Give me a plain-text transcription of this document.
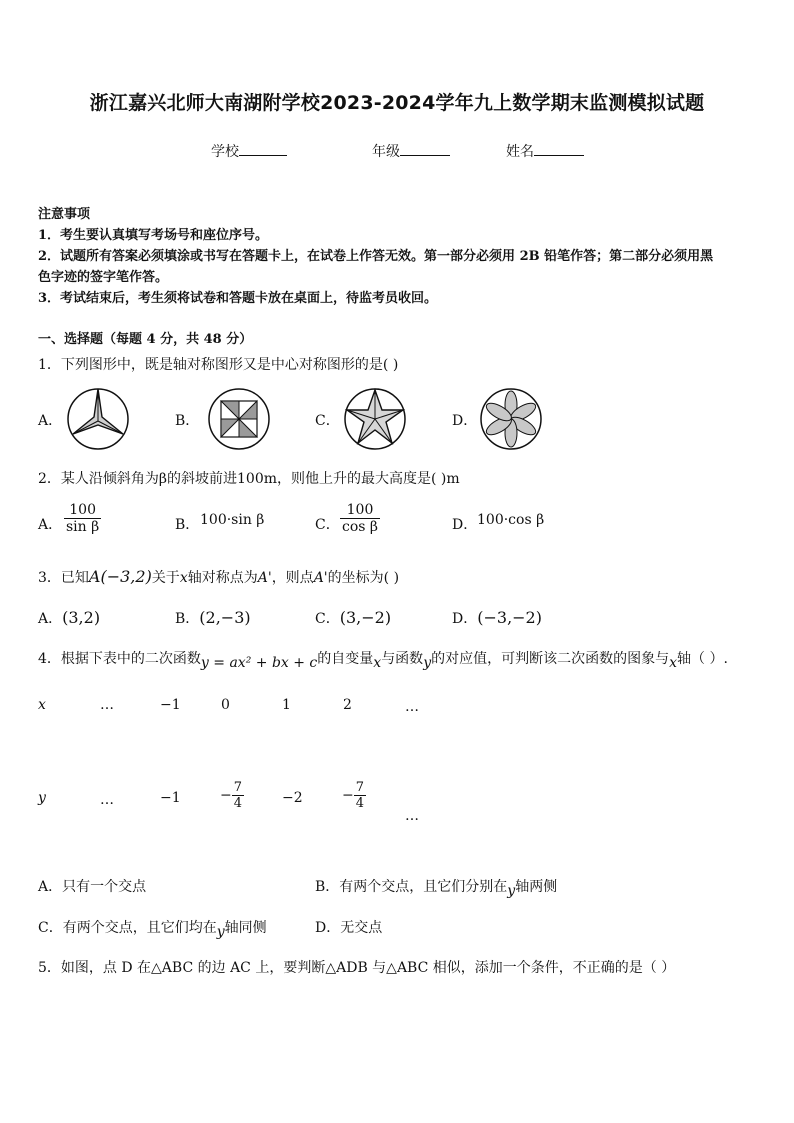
浙江嘉兴北师大南湖附学校2023-2024学年九上数学期末监测模拟试题
学校	年级	姓名
注意事项
1．考生要认真填写考场号和座位序号。
2．试题所有答案必须填涂或书写在答题卡上，在试卷上作答无效。第一部分必须用 2B 铅笔作答；第二部分必须用黑
色字迹的签字笔作答。
3．考试结束后，考生须将试卷和答题卡放在桌面上，待监考员收回。
一、选择题（每题 4 分，共 48 分）
1．下列图形中，既是轴对称图形又是中心对称图形的是( )
A．	B．	C．	D．
2．某人沿倾斜角为β的斜坡前进100m，则他上升的最大高度是( )m
A． $\frac{100}{\text{sin β}}$	B． 100·sin β	C． $\frac{100}{\text{cos β}}$	D． 100·cos β
3．已知A(−3,2)关于x轴对称点为A'，则点A'的坐标为( )
A．(3,2)	B．(2,−3)	C．(3,−2)	D．(−3,−2)
4．根据下表中的二次函数y = ax² + bx + c的自变量x与函数y的对应值，可判断该二次函数的图象与x轴（ ）.
x	…	−1	0	1	2	…
y	…	−1	− $\frac{7}{4}$	−2	− $\frac{7}{4}$
…
A．只有一个交点	B．有两个交点，且它们分别在y轴两侧
C．有两个交点，且它们均在y轴同侧	D．无交点
5．如图，点 D 在△ABC 的边 AC 上，要判断△ADB 与△ABC 相似，添加一个条件，不正确的是（ ）
